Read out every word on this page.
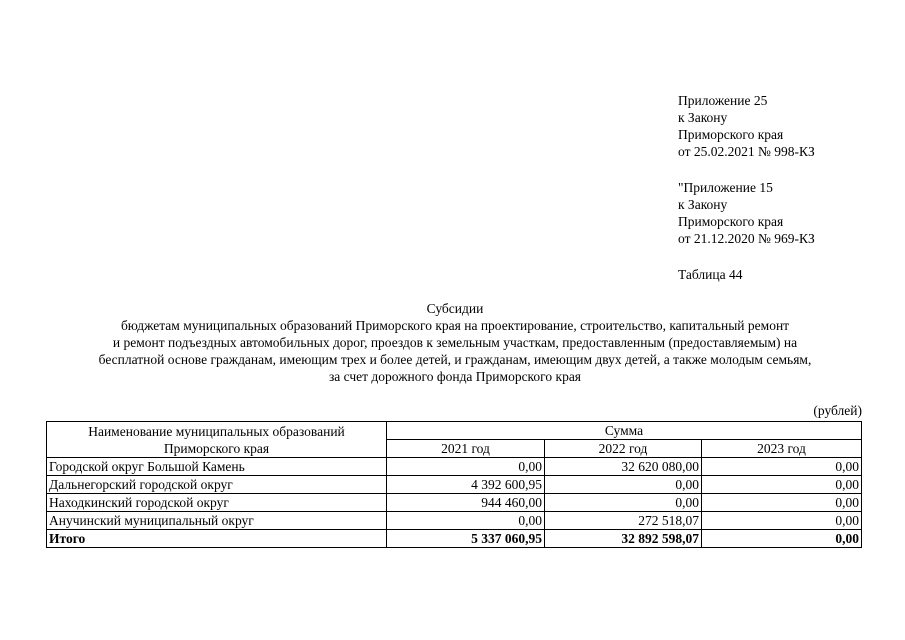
Приложение 25
к Закону
Приморского края
от 25.02.2021 № 998-КЗ
"Приложение 15
к Закону
Приморского края
от 21.12.2020 № 969-КЗ
Таблица 44
Субсидии
бюджетам муниципальных образований Приморского края на проектирование, строительство, капитальный ремонт
и ремонт подъездных автомобильных дорог, проездов к земельным участкам, предоставленным (предоставляемым) на
бесплатной основе гражданам, имеющим трех и более детей, и гражданам, имеющим двух детей, а также молодым семьям,
за счет дорожного фонда Приморского края
(рублей)
Наименование муниципальных образований
Приморского края	Сумма		
	2021 год	2022 год	2023 год
Городской округ Большой Камень	0,00	32 620 080,00	0,00
Дальнегорский городской округ	4 392 600,95	0,00	0,00
Находкинский городской округ	944 460,00	0,00	0,00
Анучинский муниципальный округ	0,00	272 518,07	0,00
Итого	5 337 060,95	32 892 598,07	0,00
